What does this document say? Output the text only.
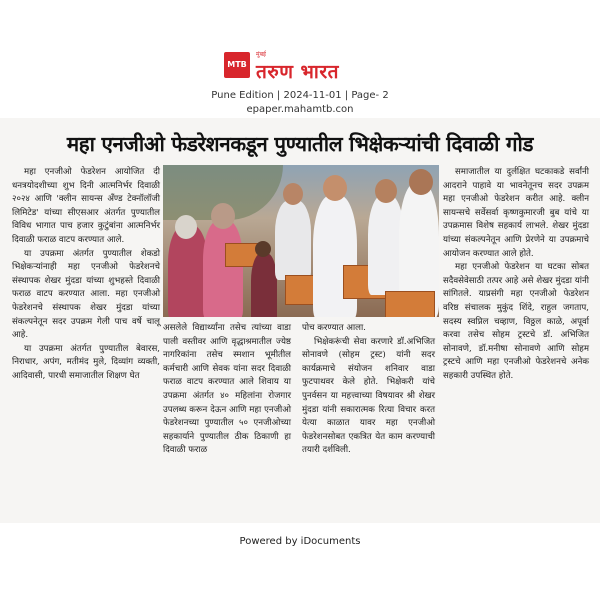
MTB
मुंबई
तरुण भारत
Pune Edition | 2024-11-01 | Page- 2
epaper.mahamtb.con
महा एनजीओ फेडरेशनकडून पुण्यातील भिक्षेकऱ्यांची दिवाळी गोड

महा एनजीओ फेडरेशन आयोजित दी धनत्रयोदशीच्या शुभ दिनी आत्मनिर्भर दिवाळी २०२४ आणि 'क्लीन सायन्स अँण्ड टेक्नॉलॉजी लिमिटेड' यांच्या सीएसआर अंतर्गत पुण्यातील विविध भागात पाच हजार कुटुंबांना आत्मनिर्भर दिवाळी फराळ वाटप करण्यात आले.

या उपक्रमा अंतर्गत पुण्यातील शेकडो भिक्षेकऱ्यांनाही महा एनजीओ फेडरेशनचे संस्थापक शेखर मुंदडा यांच्या शुभहस्ते दिवाळी फराळ वाटप करण्यात आला. महा एनजीओ फेडरेशनचे संस्थापक शेखर मुंदडा यांच्या संकल्पनेतून सदर उपक्रम गेली पाच वर्षे चालू आहे.

या उपक्रमा अंतर्गत पुण्यातील बेवारस, निराधार, अपंग, मतीमंद मुले, दिव्यांग व्यक्ती, आदिवासी, पारधी समाजातील शिक्षण घेत

असलेले विद्यार्थ्यांना तसेच त्यांच्या वाडा पाली वस्तीवर आणि वृद्धाश्रमातील ज्येष्ठ नागरिकांना तसेच स्मशान भूमीतील कर्मचारी आणि सेवक यांना सदर दिवाळी फराळ वाटप करण्यात आले शिवाय या उपक्रमा अंतर्गत ४० महिलांना रोजगार उपलब्ध करून देऊन आणि महा एनजीओ फेडरेशनच्या पुण्यातील ५० एनजीओच्या सहकार्याने पुण्यातील ठीक ठिकाणी हा दिवाळी फराळ

पोच करण्यात आला.

भिक्षेकरूंची सेवा करणारे डॉ.अभिजित सोनावणे (सोहम ट्रस्ट) यांनी सदर कार्यक्रमाचे संयोजन शनिवार वाडा फुटपाथवर केले होते. भिक्षेकरी यांचे पुनर्वसन या महत्त्वाच्या विषयावर श्री शेखर मुंदडा यांनी सकारात्मक रित्या विचार करत येत्या काळात यावर महा एनजीओ फेडरेशनसोबत एकत्रित येत काम करण्याची तयारी दर्शविली.

समाजातील या दुर्लक्षित घटकाकडे सर्वांनी आदराने पाहावे या भावनेतूनच सदर उपक्रम महा एनजीओ फेडरेशन करीत आहे. क्लीन सायन्सचे सर्वेसर्वा कृष्णकुमारजी बुब यांचे या उपक्रमास विशेष सहकार्य लाभले. शेखर मुंदडा यांच्या संकल्पनेतून आणि प्रेरणेने या उपक्रमाचे आयोजन करण्यात आले होते.

महा एनजीओ फेडरेशन या घटका सोबत सदैवसेवेसाठी तत्पर आहे असे शेखर मुंदडा यांनी सांगितले. याप्रसंगी महा एनजीओ फेडरेशन वरिष्ठ संचालक मुकुंद शिंदे, राहुल जगताप, सदस्य स्वप्निल चव्हाण, विठ्ठल काळे, अपूर्वा करवा तसेच सोहम ट्रस्टचे डॉ. अभिजित सोनावणे, डॉ.मनीषा सोनावणे आणि सोहम ट्रस्टचे आणि महा एनजीओ फेडरेशनचे अनेक सहकारी उपस्थित होते.

Powered by iDocuments
